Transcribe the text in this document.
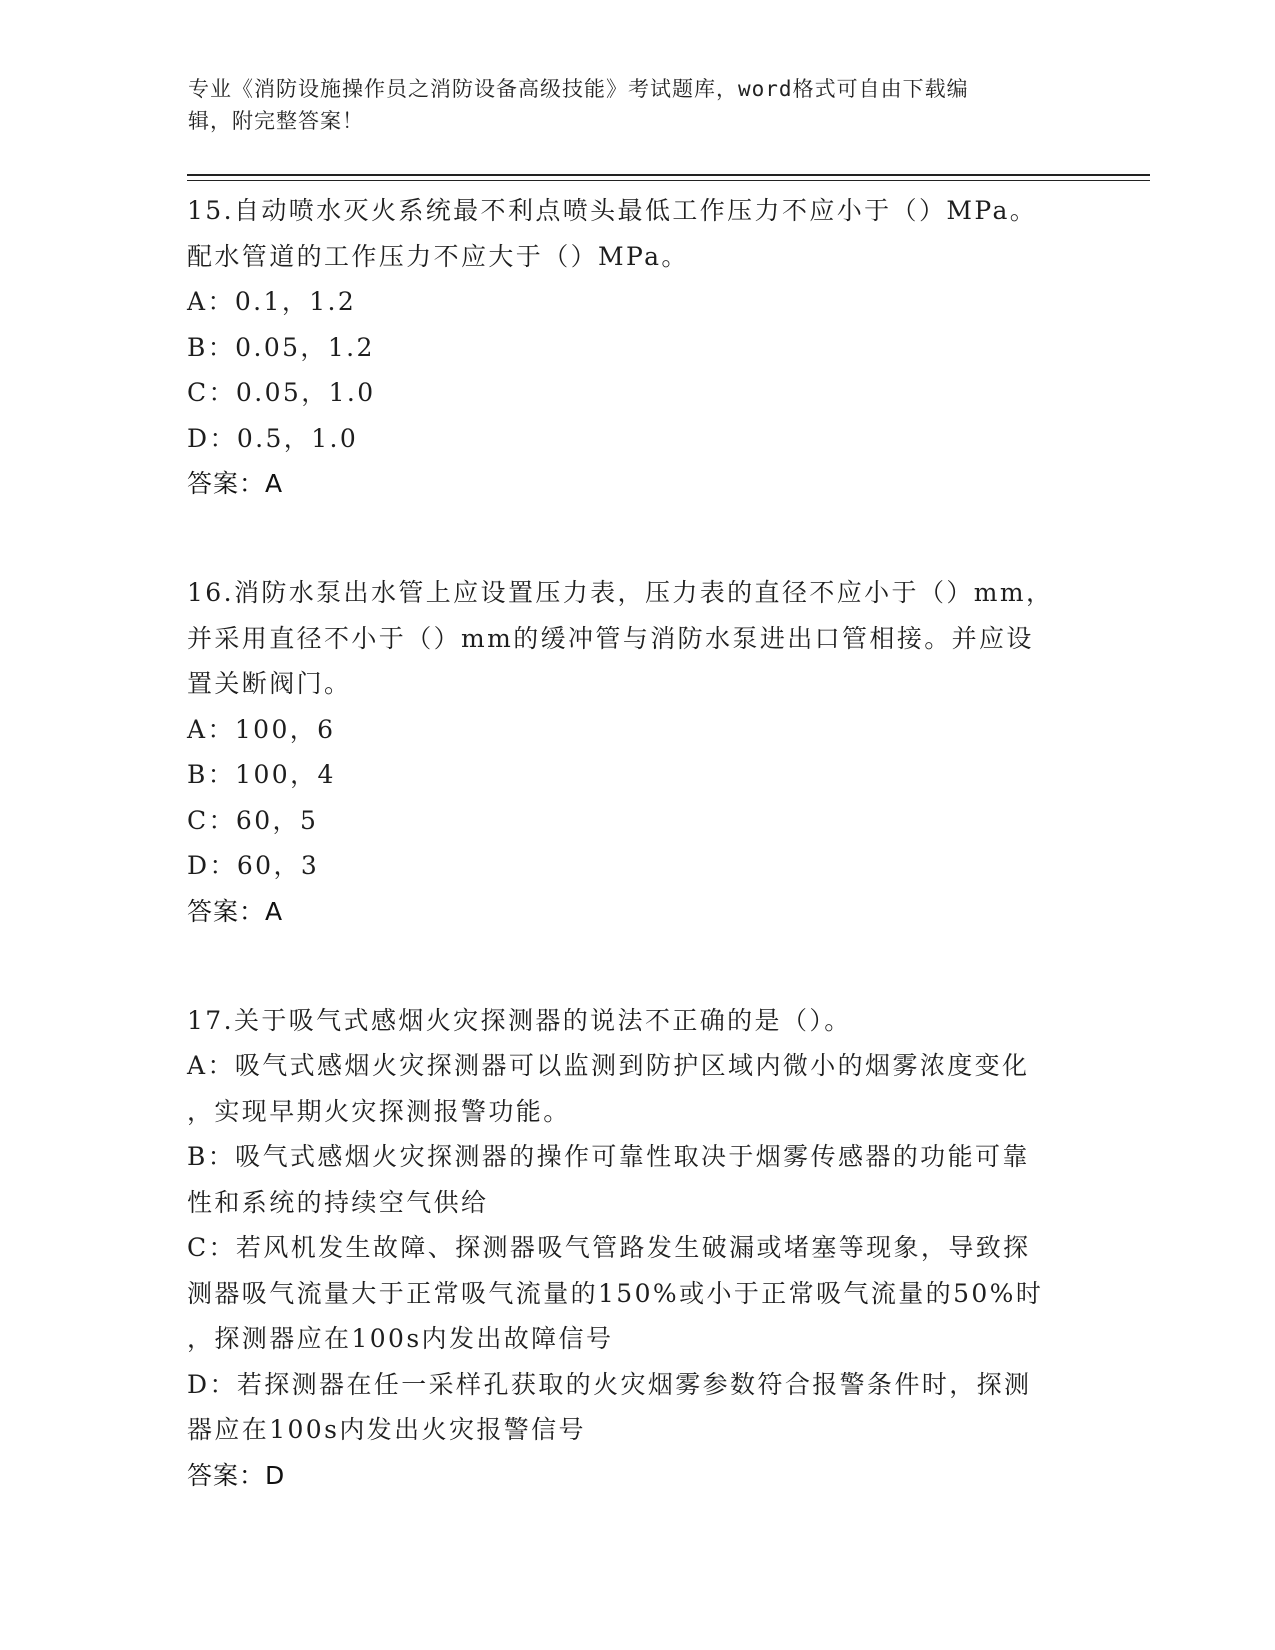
专业《消防设施操作员之消防设备高级技能》考试题库，word格式可自由下载编
辑，附完整答案！
15.自动喷水灭火系统最不利点喷头最低工作压力不应小于（）MPa。
配水管道的工作压力不应大于（）MPa。
A：0.1，1.2
B：0.05，1.2
C：0.05，1.0
D：0.5，1.0
答案：A
16.消防水泵出水管上应设置压力表，压力表的直径不应小于（）mm，
并采用直径不小于（）mm的缓冲管与消防水泵进出口管相接。并应设
置关断阀门。
A：100，6
B：100，4
C：60，5
D：60，3
答案：A
17.关于吸气式感烟火灾探测器的说法不正确的是（）。
A：吸气式感烟火灾探测器可以监测到防护区域内微小的烟雾浓度变化
，实现早期火灾探测报警功能。
B：吸气式感烟火灾探测器的操作可靠性取决于烟雾传感器的功能可靠
性和系统的持续空气供给
C：若风机发生故障、探测器吸气管路发生破漏或堵塞等现象，导致探
测器吸气流量大于正常吸气流量的150%或小于正常吸气流量的50%时
，探测器应在100s内发出故障信号
D：若探测器在任一采样孔获取的火灾烟雾参数符合报警条件时，探测
器应在100s内发出火灾报警信号
答案：D
